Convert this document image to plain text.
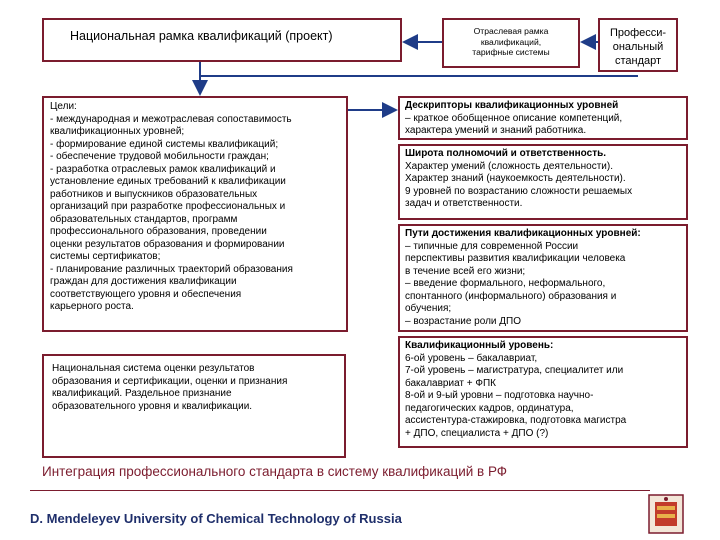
Национальная рамка квалификаций (проект)	Отраслевая рамка
квалификаций,
тарифные системы
Професси-
ональный
стандарт
Цели:
- международная и межотраслевая сопоставимость
квалификационных уровней;
- формирование единой системы квалификаций;
- обеспечение трудовой мобильности граждан;
- разработка отраслевых рамок квалификаций и
установление единых требований к квалификации
работников и выпускников образовательных
организаций при разработке профессиональных и
образовательных стандартов, программ
профессионального образования, проведении
оценки результатов образования и формировании
системы сертификатов;
- планирование различных траекторий образования
граждан для достижения квалификации
соответствующего уровня и обеспечения
карьерного роста.
Национальная система оценки результатов
образования и сертификации, оценки и признания
квалификаций. Раздельное признание
образовательного уровня и квалификации.
Дескрипторы квалификационных уровней
– краткое обобщенное описание компетенций,
характера умений и знаний работника.
Широта полномочий и ответственность.
Характер умений (сложность деятельности).
Характер знаний (наукоемкость деятельности).
9 уровней по возрастанию сложности решаемых
задач и ответственности.
Пути достижения квалификационных уровней:
– типичные для современной России
перспективы развития квалификации человека
в течение всей его жизни;
– введение формального, неформального,
спонтанного (информального) образования и
обучения;
– возрастание роли ДПО
Квалификационный уровень:
6-ой уровень – бакалавриат,
7-ой уровень – магистратура, специалитет или
бакалавриат + ФПК
8-ой и 9-ый уровни – подготовка научно-
педагогических кадров, ординатура,
ассистентура-стажировка, подготовка магистра
+ ДПО, специалиста + ДПО (?)
Интеграция профессионального стандарта в систему квалификаций в РФ
D. Mendeleyev University of Chemical Technology of Russia
